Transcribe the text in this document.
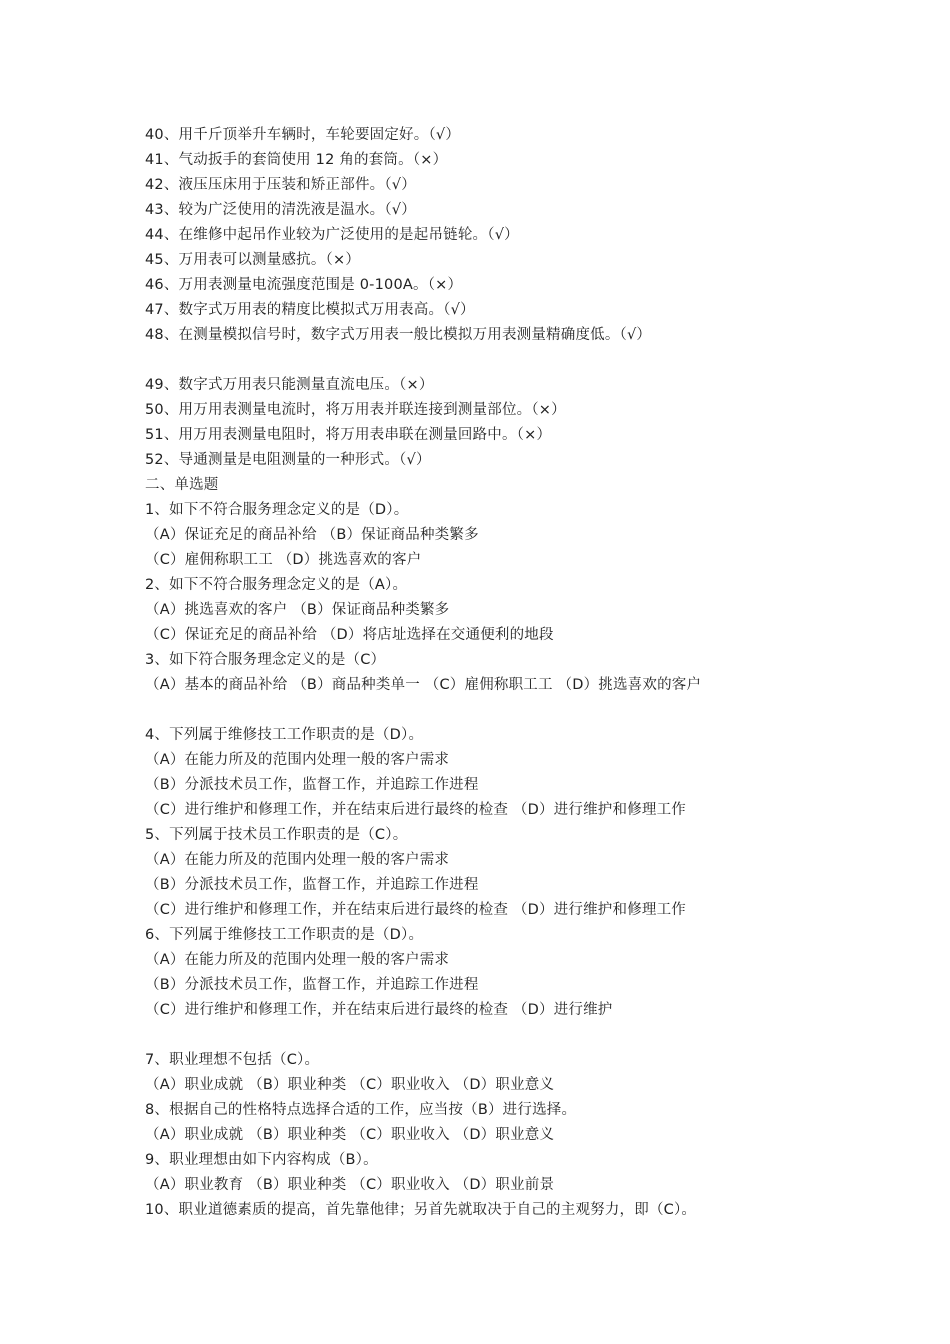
40、用千斤顶举升车辆时，车轮要固定好。（√）
41、气动扳手的套筒使用 12 角的套筒。（×）
42、液压压床用于压装和矫正部件。（√）
43、较为广泛使用的清洗液是温水。（√）
44、在维修中起吊作业较为广泛使用的是起吊链轮。（√）
45、万用表可以测量感抗。（×）
46、万用表测量电流强度范围是 0-100A。（×）
47、数字式万用表的精度比模拟式万用表高。（√）
48、在测量模拟信号时，数字式万用表一般比模拟万用表测量精确度低。（√）
49、数字式万用表只能测量直流电压。（×）
50、用万用表测量电流时，将万用表并联连接到测量部位。（×）
51、用万用表测量电阻时，将万用表串联在测量回路中。（×）
52、导通测量是电阻测量的一种形式。（√）
二、单选题
1、如下不符合服务理念定义的是（D）。
（A）保证充足的商品补给 （B）保证商品种类繁多
（C）雇佣称职工工 （D）挑选喜欢的客户
2、如下不符合服务理念定义的是（A）。
（A）挑选喜欢的客户 （B）保证商品种类繁多
（C）保证充足的商品补给 （D）将店址选择在交通便利的地段
3、如下符合服务理念定义的是（C）
（A）基本的商品补给 （B）商品种类单一 （C）雇佣称职工工 （D）挑选喜欢的客户
4、下列属于维修技工工作职责的是（D）。
（A）在能力所及的范围内处理一般的客户需求
（B）分派技术员工作，监督工作，并追踪工作进程
（C）进行维护和修理工作，并在结束后进行最终的检查 （D）进行维护和修理工作
5、下列属于技术员工作职责的是（C）。
（A）在能力所及的范围内处理一般的客户需求
（B）分派技术员工作，监督工作，并追踪工作进程
（C）进行维护和修理工作，并在结束后进行最终的检查 （D）进行维护和修理工作
6、下列属于维修技工工作职责的是（D）。
（A）在能力所及的范围内处理一般的客户需求
（B）分派技术员工作，监督工作，并追踪工作进程
（C）进行维护和修理工作，并在结束后进行最终的检查 （D）进行维护
7、职业理想不包括（C）。
（A）职业成就 （B）职业种类 （C）职业收入 （D）职业意义
8、根据自己的性格特点选择合适的工作，应当按（B）进行选择。
（A）职业成就 （B）职业种类 （C）职业收入 （D）职业意义
9、职业理想由如下内容构成（B）。
（A）职业教育 （B）职业种类 （C）职业收入 （D）职业前景
10、职业道德素质的提高，首先靠他律；另首先就取决于自己的主观努力，即（C）。
